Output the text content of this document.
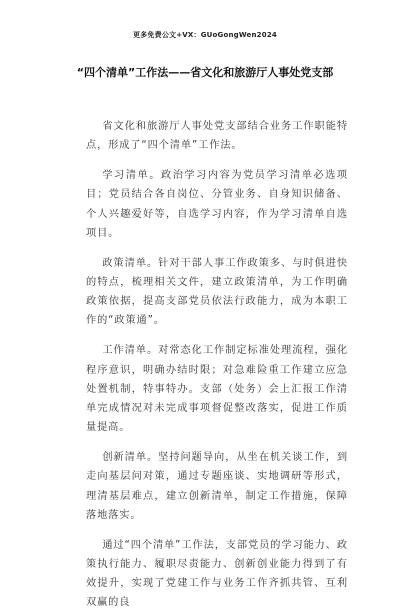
更多免费公文+VX：GUoGongWen2024
“四个清单”工作法——省文化和旅游厅人事处党支部

省文化和旅游厅人事处党支部结合业务工作职能特点，形成了“四个清单”工作法。

学习清单。政治学习内容为党员学习清单必选项目；党员结合各自岗位、分管业务、自身知识储备、个人兴趣爱好等，自选学习内容，作为学习清单自选项目。

政策清单。针对干部人事工作政策多、与时俱进快的特点，梳理相关文件，建立政策清单，为工作明确政策依据，提高支部党员依法行政能力，成为本职工作的“政策通”。

工作清单。对常态化工作制定标准处理流程，强化程序意识，明确办结时限；对急难险重工作建立应急处置机制，特事特办。支部（处务）会上汇报工作清单完成情况对未完成事项督促整改落实，促进工作质量提高。

创新清单。坚持问题导向，从坐在机关谈工作，到走向基层问对策，通过专题座谈、实地调研等形式，理清基层难点，建立创新清单，制定工作措施，保障落地落实。

通过“四个清单”工作法，支部党员的学习能力、政策执行能力、履职尽责能力、创新创业能力得到了有效提升，实现了党建工作与业务工作齐抓共管、互利双赢的良
